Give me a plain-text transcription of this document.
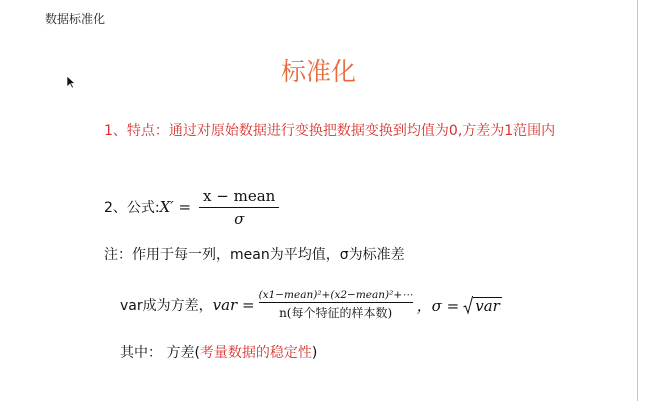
数据标准化
标准化
1、特点：通过对原始数据进行变换把数据变换到均值为0,方差为1范围内
2、公式: $X' = \frac{\text{x − mean}}{\sigma}$
注：作用于每一列，mean为平均值，σ为标准差
var成为方差， var = $\frac{\text{(x1−mean)²+(x2−mean)²+⋯}}{\text{n(每个特征的样本数)}}$ ，σ = var
其中： 方差(考量数据的稳定性)
